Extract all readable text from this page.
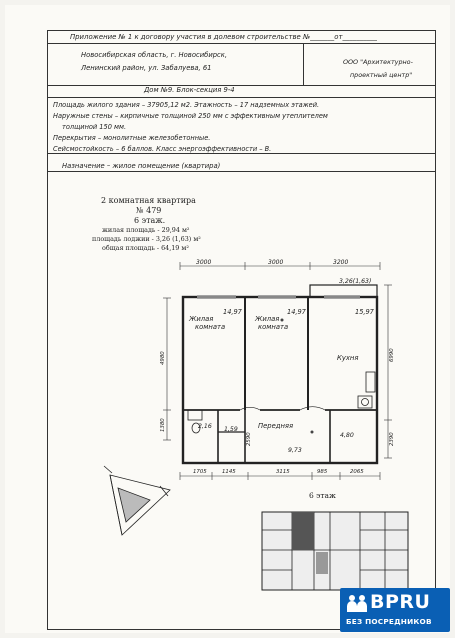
Приложение № 1 к договору участия в долевом строительстве №_______от__________
Новосибирская область, г. Новосибирск,
Ленинский район, ул. Забалуева, 61
ООО "Архитектурно-
проектный центр"
Дом №9. Блок-секция 9-4
Площадь жилого здания – 37905,12 м2. Этажность – 17 надземных этажей.
Наружные стены – кирпичные толщиной 250 мм с эффективным утеплителем
толщиной 150 мм.
Перекрытия – монолитные железобетонные.
Сейсмостойкость – 6 баллов. Класс энергоэффективности – В.
Назначение – жилое помещение (квартира)
2 комнатная квартира
№ 479
6 этаж.
жилая площадь - 29,94 м²
площадь лоджии - 3,26 (1,63) м²
общая площадь - 64,19 м²
3000	3000	3200
1705	1145	3115	985	2065
4980
1380
6990
2390
2590
3,26(1,63)
14,97
Жилая
комната
14,97
Жилая
комната
15,97
Кухня
2,16 1,59	Передняя
9,73
4,80
6 этаж
BPRU
БЕЗ ПОСРЕДНИКОВ
